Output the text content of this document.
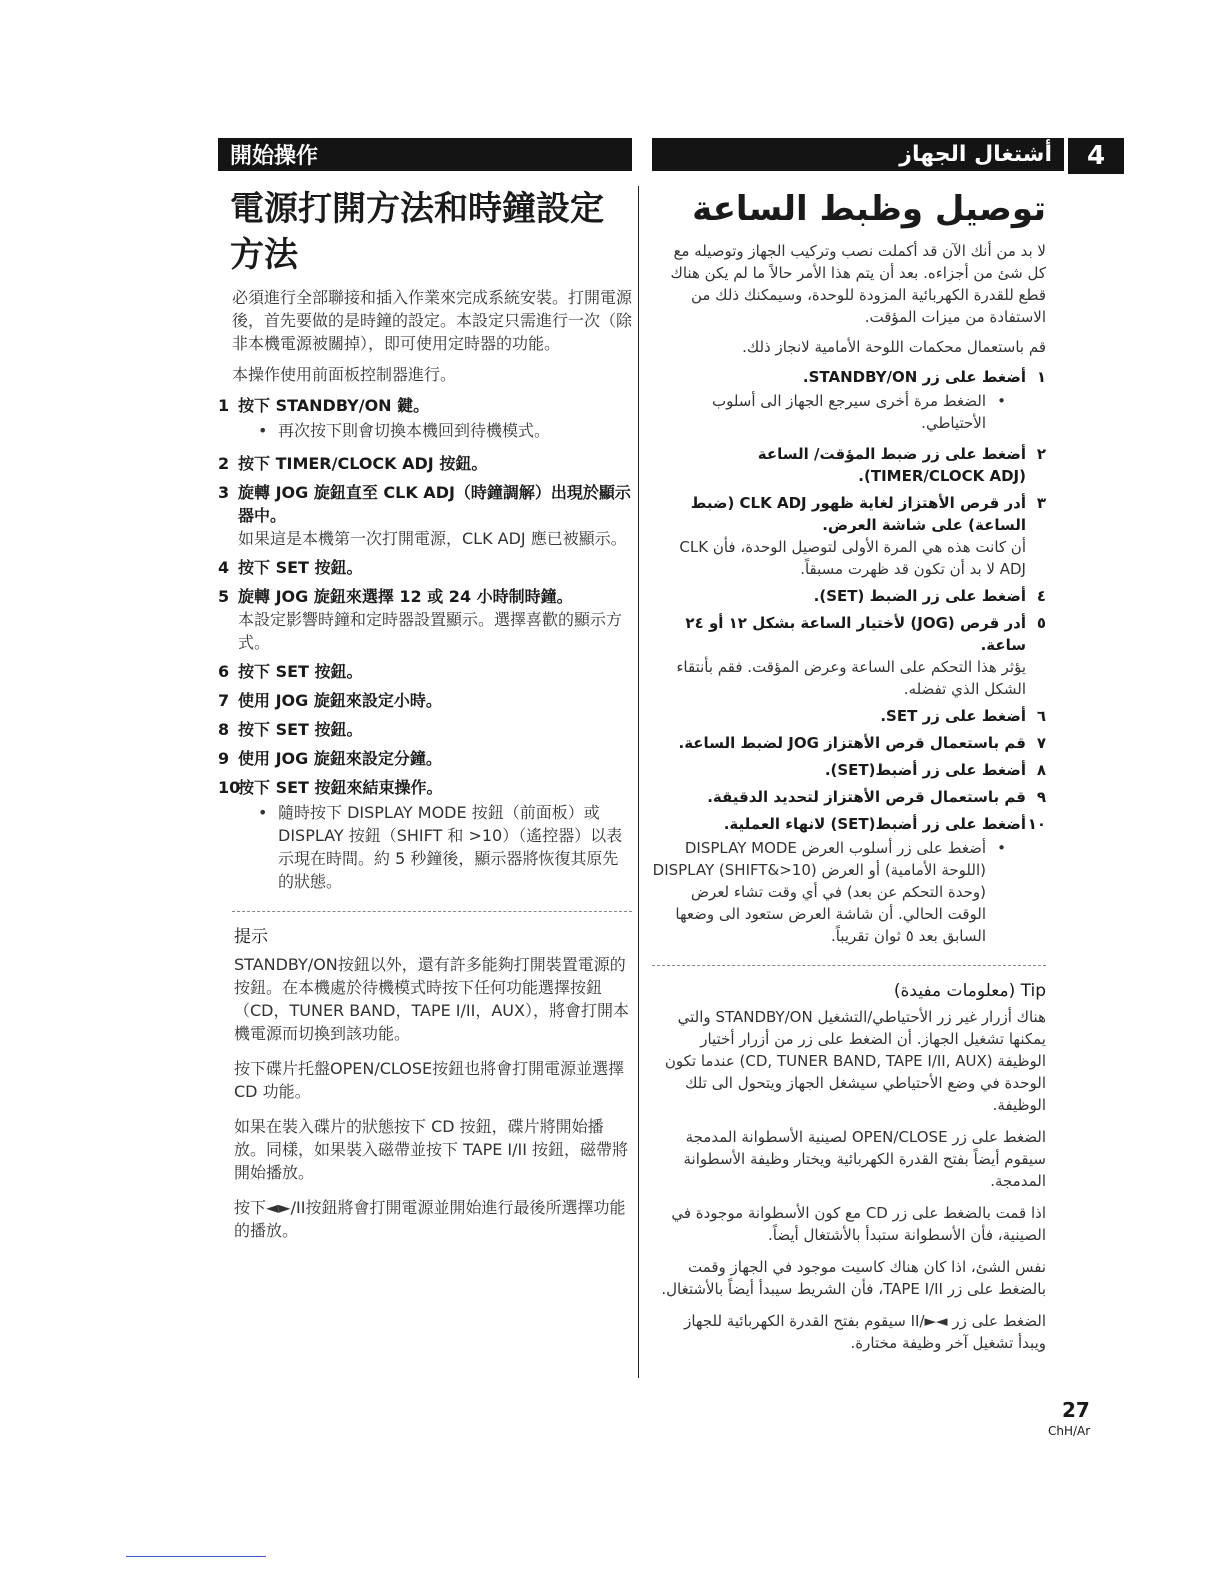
開始操作	أشتغال الجهاز	4
電源打開方法和時鐘設定方法
必須進行全部聯接和插入作業來完成系統安裝。打開電源後，首先要做的是時鐘的設定。本設定只需進行一次（除非本機電源被關掉），即可使用定時器的功能。
本操作使用前面板控制器進行。
1 按下 STANDBY/ON 鍵。
• 再次按下則會切換本機回到待機模式。
2 按下 TIMER/CLOCK ADJ 按鈕。
3 旋轉 JOG 旋鈕直至 CLK ADJ（時鐘調解）出現於顯示器中。
如果這是本機第一次打開電源，CLK ADJ 應已被顯示。
4 按下 SET 按鈕。
5 旋轉 JOG 旋鈕來選擇 12 或 24 小時制時鐘。
本設定影響時鐘和定時器設置顯示。選擇喜歡的顯示方式。
6 按下 SET 按鈕。
7 使用 JOG 旋鈕來設定小時。
8 按下 SET 按鈕。
9 使用 JOG 旋鈕來設定分鐘。
10
按下 SET 按鈕來結束操作。
• 隨時按下 DISPLAY MODE 按鈕（前面板）或 DISPLAY 按鈕（SHIFT 和 >10）（遙控器）以表示現在時間。約 5 秒鐘後，顯示器將恢復其原先的狀態。
提示
STANDBY/ON按鈕以外，還有許多能夠打開裝置電源的按鈕。在本機處於待機模式時按下任何功能選擇按鈕（CD，TUNER BAND，TAPE I/II，AUX），將會打開本機電源而切換到該功能。
按下碟片托盤OPEN/CLOSE按鈕也將會打開電源並選擇CD 功能。
如果在裝入碟片的狀態按下 CD 按鈕，碟片將開始播放。同樣，如果裝入磁帶並按下 TAPE I/II 按鈕，磁帶將開始播放。
按下◄►/II按鈕將會打開電源並開始進行最後所選擇功能的播放。
توصيل وظبط الساعة
لا بد من أنك الآن قد أكملت نصب وتركيب الجهاز وتوصيله مع كل شئ من أجزاءه. بعد أن يتم هذا الأمر حالاً ما لم يكن هناك قطع للقدرة الكهربائية المزودة للوحدة، وسيمكنك ذلك من الاستفادة من ميزات المؤقت.
قم باستعمال محكمات اللوحة الأمامية لانجاز ذلك.
١
أضغط على زر STANDBY/ON.
•
الضغط مرة أخرى سيرجع الجهاز الى أسلوب الأحتياطي.
٢
أضغط على زر ضبط المؤقت/ الساعة (TIMER/CLOCK ADJ).
٣
أدر قرص الأهتزاز لغاية ظهور CLK ADJ (ضبط الساعة) على شاشة العرض.
أن كانت هذه هي المرة الأولى لتوصيل الوحدة، فأن CLK ADJ لا بد أن تكون قد ظهرت مسبقاً.
٤
أضغط على زر الضبط (SET).
٥
أدر قرص (JOG) لأختيار الساعة بشكل ١٢ أو ٢٤ ساعة.
يؤثر هذا التحكم على الساعة وعرض المؤقت. فقم بأنتقاء الشكل الذي تفضله.
٦
أضغط على زر SET.
٧
قم باستعمال قرص الأهتزاز JOG لضبط الساعة.
٨
أضغط على زر أضبط(SET).
٩
قم باستعمال قرص الأهتزاز لتحديد الدقيقة.
١٠
أضغط على زر أضبط(SET) لانهاء العملية.
•
أضغط على زر أسلوب العرض DISPLAY MODE (اللوحة الأمامية) أو العرض DISPLAY (SHIFT&>10) (وحدة التحكم عن بعد) في أي وقت تشاء لعرض الوقت الحالي. أن شاشة العرض ستعود الى وضعها السابق بعد ٥ ثوان تقريباً.
Tip (معلومات مفيدة)
هناك أزرار غير زر الأحتياطي/التشغيل STANDBY/ON والتي يمكنها تشغيل الجهاز. أن الضغط على زر من أزرار أختيار الوظيفة (CD, TUNER BAND, TAPE I/II, AUX) عندما تكون الوحدة في وضع الأحتياطي سيشغل الجهاز ويتحول الى تلك الوظيفة.
الضغط على زر OPEN/CLOSE لصينية الأسطوانة المدمجة سيقوم أيضاً بفتح القدرة الكهربائية ويختار وظيفة الأسطوانة المدمجة.
اذا قمت بالضغط على زر CD مع كون الأسطوانة موجودة في الصينية، فأن الأسطوانة ستبدأ بالأشتغال أيضاً.
نفس الشئ، اذا كان هناك كاسيت موجود في الجهاز وقمت بالضغط على زر TAPE I/II، فأن الشريط سيبدأ أيضاً بالأشتغال.
الضغط على زر ◄►/II سيقوم بفتح القدرة الكهربائية للجهاز ويبدأ تشغيل آخر وظيفة مختارة.
27
ChH/Ar
